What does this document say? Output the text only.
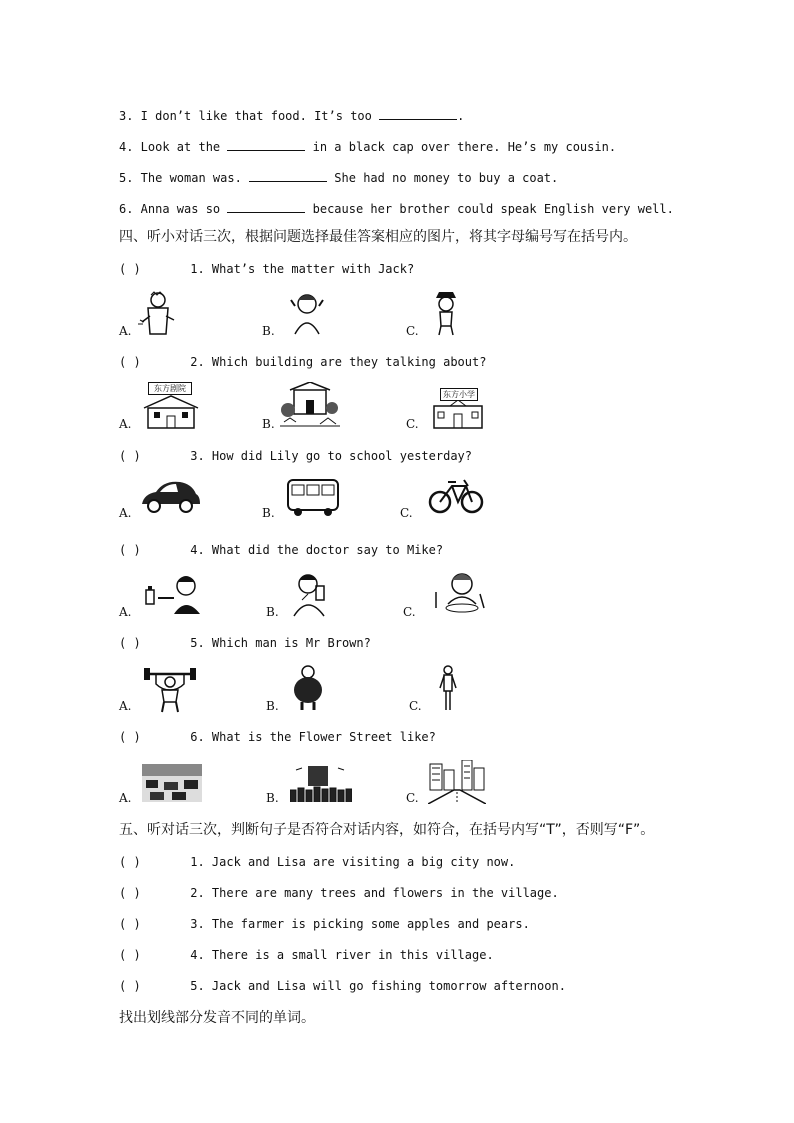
3. I don’t like that food. It’s too	.
4. Look at the	in a black cap over there. He’s my cousin.
5. The woman was.	She had no money to buy a coat.
6. Anna was so	because her brother could speak English very well.
四、听小对话三次，根据问题选择最佳答案相应的图片，将其字母编号写在括号内。
( )	1. What’s the matter with Jack?
A.	B.	C.
( )	2. Which building are they talking about?
A.	B.	C.
东方剧院
东方小学
( )	3. How did Lily go to school yesterday?
A.	B.	C.
( )	4. What did the doctor say to Mike?
A.	B.	C.
( )	5. Which man is Mr Brown?
A.	B.	C.
( )	6. What is the Flower Street like?
A.	B.	C.
五、听对话三次，判断句子是否符合对话内容，如符合，在括号内写“T”，否则写“F”。
( )	1. Jack and Lisa are visiting a big city now.
( )	2. There are many trees and flowers in the village.
( )	3. The farmer is picking some apples and pears.
( )	4. There is a small river in this village.
( )	5. Jack and Lisa will go fishing tomorrow afternoon.
找出划线部分发音不同的单词。
